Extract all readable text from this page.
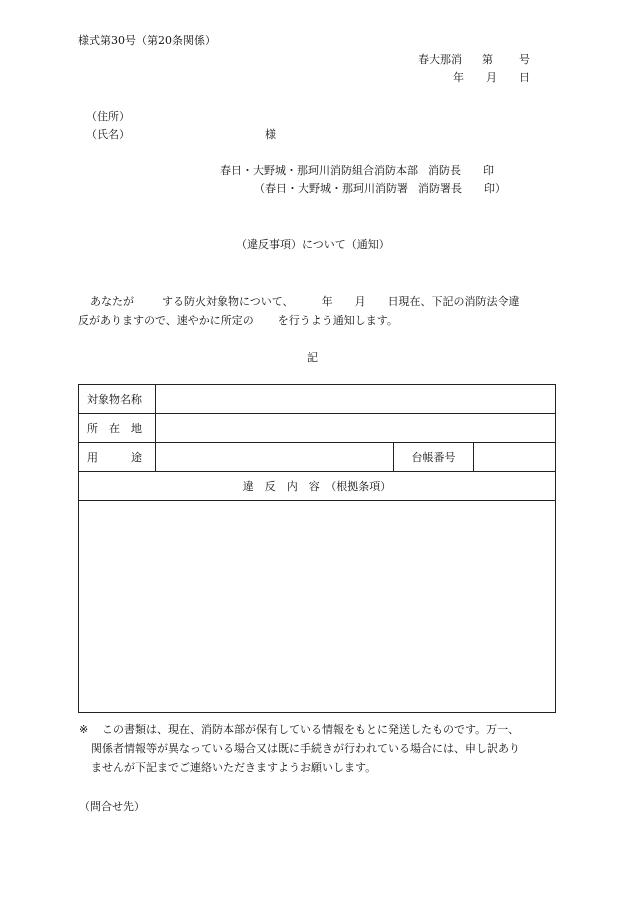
様式第30号（第20条関係）
春大那消 第 号
年 月 日
（住所）
（氏名）	様
春日・大野城・那珂川消防組合消防本部 消防長 印
（春日・大野城・那珂川消防署 消防署長 印）
（違反事項）について（通知）
あなたが	する防火対象物について、	年 月 日現在、下記の消防法令違
反がありますので、速やかに所定の を行うよう通知します。
記
対象物名称			
所　在　地			
用　　　途		台帳番号	
違　反　内　容　（根拠条項）			

※ この書類は、現在、消防本部が保有している情報をもとに発送したものです。万一、
関係者情報等が異なっている場合又は既に手続きが行われている場合には、申し訳あり
ませんが下記までご連絡いただきますようお願いします。
（問合せ先）
